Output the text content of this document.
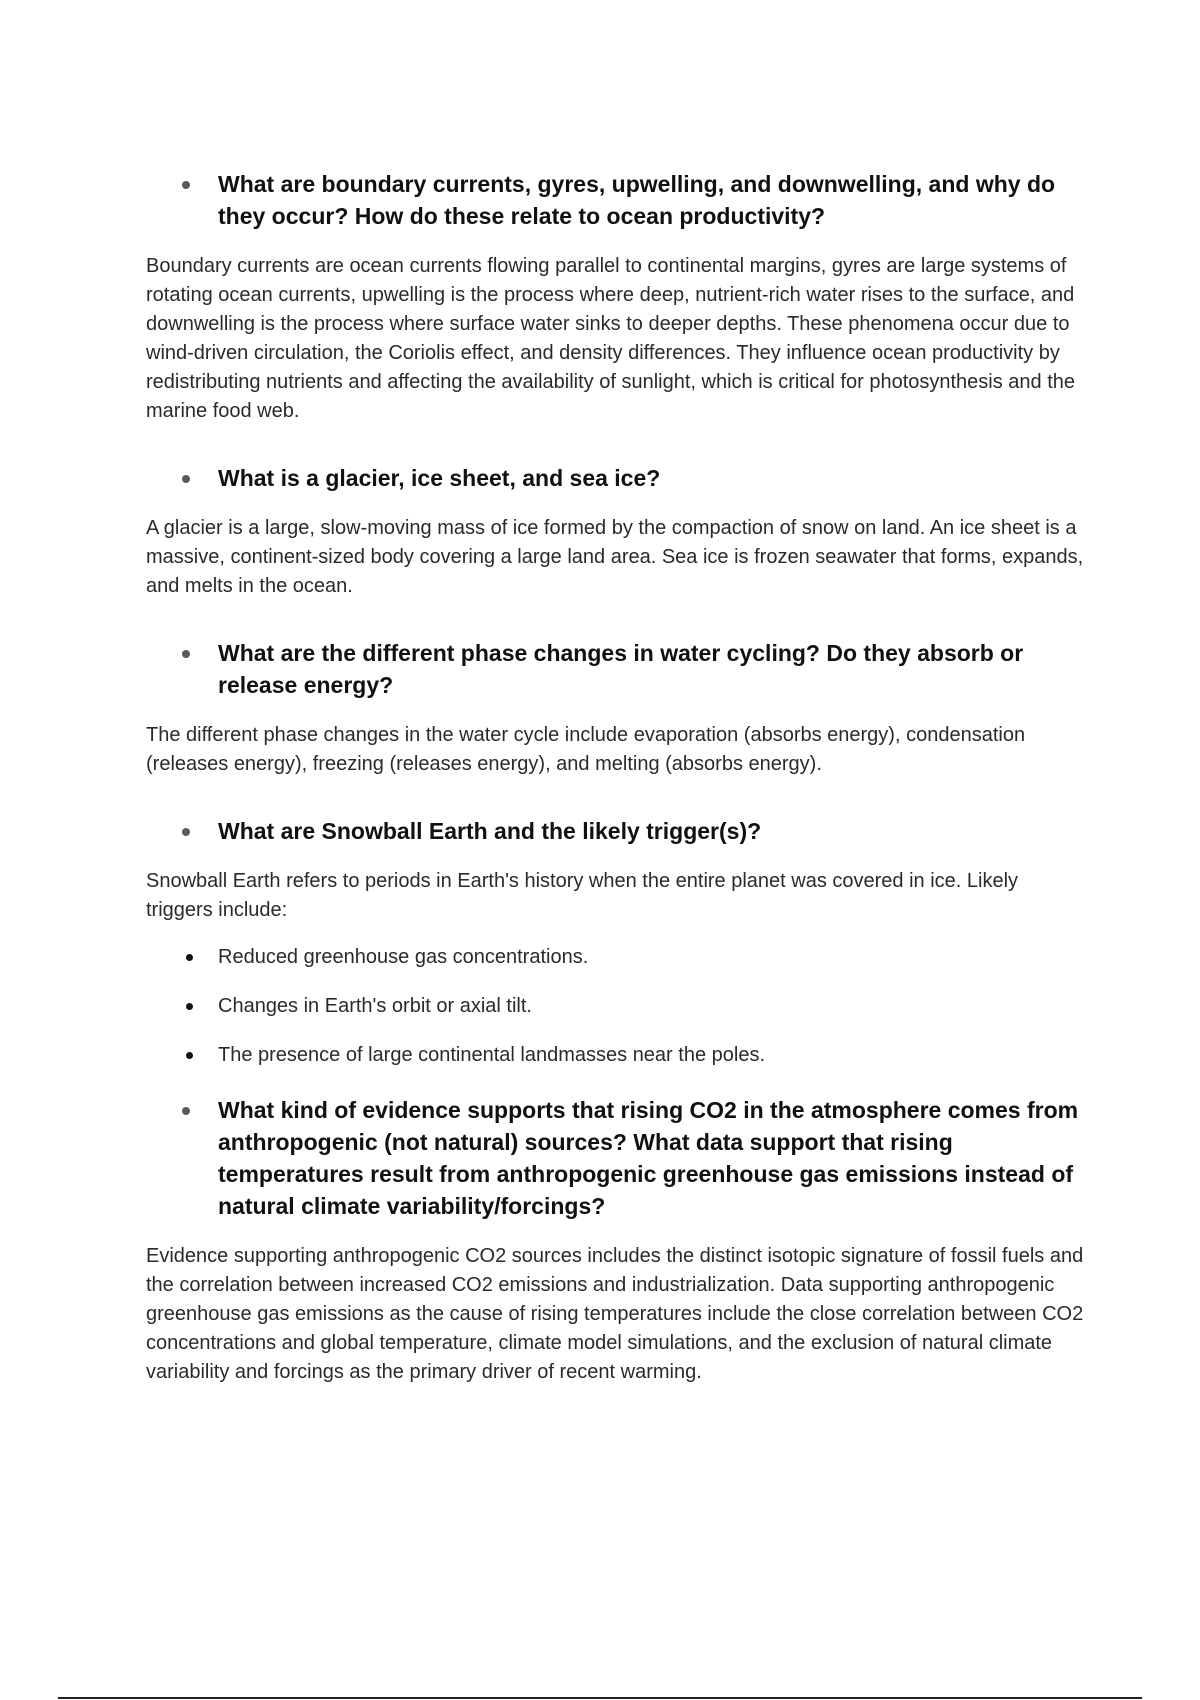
What are boundary currents, gyres, upwelling, and downwelling, and why do they occur? How do these relate to ocean productivity?

Boundary currents are ocean currents flowing parallel to continental margins, gyres are large systems of rotating ocean currents, upwelling is the process where deep, nutrient-rich water rises to the surface, and downwelling is the process where surface water sinks to deeper depths. These phenomena occur due to wind-driven circulation, the Coriolis effect, and density differences. They influence ocean productivity by redistributing nutrients and affecting the availability of sunlight, which is critical for photosynthesis and the marine food web.

What is a glacier, ice sheet, and sea ice?

A glacier is a large, slow-moving mass of ice formed by the compaction of snow on land. An ice sheet is a massive, continent-sized body covering a large land area. Sea ice is frozen seawater that forms, expands, and melts in the ocean.

What are the different phase changes in water cycling? Do they absorb or release energy?

The different phase changes in the water cycle include evaporation (absorbs energy), condensation (releases energy), freezing (releases energy), and melting (absorbs energy).

What are Snowball Earth and the likely trigger(s)?

Snowball Earth refers to periods in Earth's history when the entire planet was covered in ice. Likely triggers include:

Reduced greenhouse gas concentrations.
Changes in Earth's orbit or axial tilt.
The presence of large continental landmasses near the poles.
What kind of evidence supports that rising CO2 in the atmosphere comes from anthropogenic (not natural) sources? What data support that rising temperatures result from anthropogenic greenhouse gas emissions instead of natural climate variability/forcings?

Evidence supporting anthropogenic CO2 sources includes the distinct isotopic signature of fossil fuels and the correlation between increased CO2 emissions and industrialization. Data supporting anthropogenic greenhouse gas emissions as the cause of rising temperatures include the close correlation between CO2 concentrations and global temperature, climate model simulations, and the exclusion of natural climate variability and forcings as the primary driver of recent warming.
